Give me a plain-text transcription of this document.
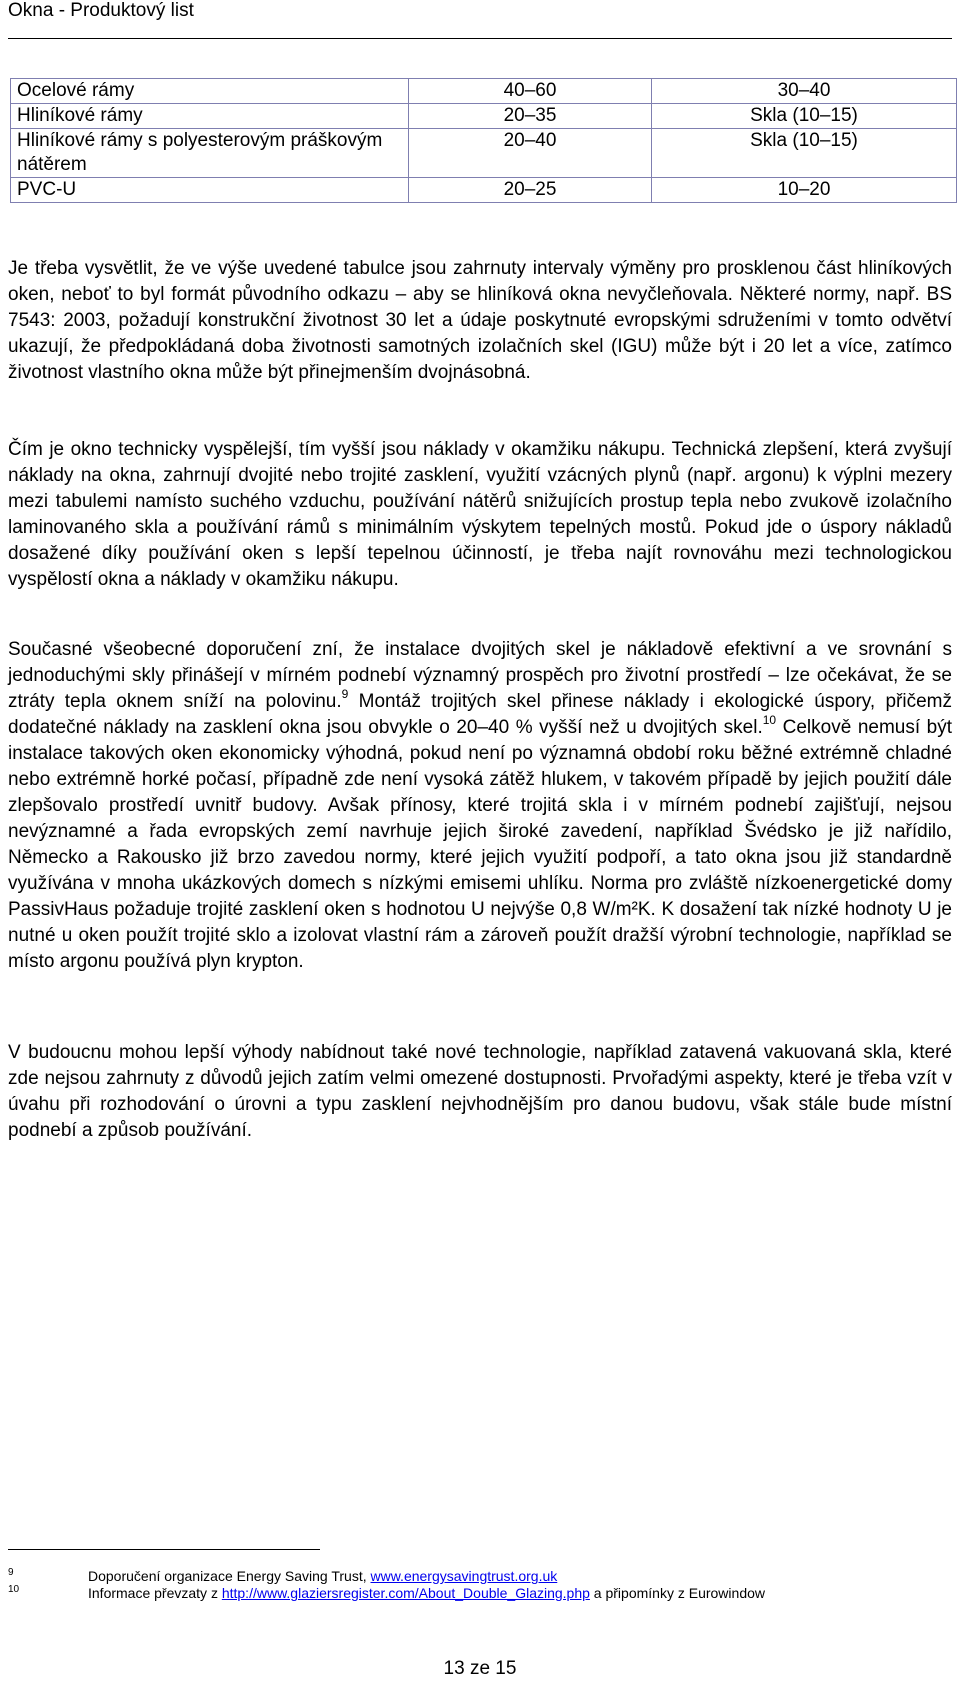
Okna - Produktový list
Ocelové rámy	40–60	30–40
Hliníkové rámy	20–35	Skla (10–15)
Hliníkové rámy s polyesterovým práškovým nátěrem	20–40	Skla (10–15)
PVC-U	20–25	10–20

Je třeba vysvětlit, že ve výše uvedené tabulce jsou zahrnuty intervaly výměny pro prosklenou část hliníkových oken, neboť to byl formát původního odkazu – aby se hliníková okna nevyčleňovala. Některé normy, např. BS 7543: 2003, požadují konstrukční životnost 30 let a údaje poskytnuté evropskými sdruženími v tomto odvětví ukazují, že předpokládaná doba životnosti samotných izolačních skel (IGU) může být i 20 let a více, zatímco životnost vlastního okna může být přinejmenším dvojnásobná.

Čím je okno technicky vyspělejší, tím vyšší jsou náklady v okamžiku nákupu. Technická zlepšení, která zvyšují náklady na okna, zahrnují dvojité nebo trojité zasklení, využití vzácných plynů (např. argonu) k výplni mezery mezi tabulemi namísto suchého vzduchu, používání nátěrů snižujících prostup tepla nebo zvukově izolačního laminovaného skla a používání rámů s minimálním výskytem tepelných mostů. Pokud jde o úspory nákladů dosažené díky používání oken s lepší tepelnou účinností, je třeba najít rovnováhu mezi technologickou vyspělostí okna a náklady v okamžiku nákupu.

Současné všeobecné doporučení zní, že instalace dvojitých skel je nákladově efektivní a ve srovnání s jednoduchými skly přinášejí v mírném podnebí významný prospěch pro životní prostředí – lze očekávat, že se ztráty tepla oknem sníží na polovinu.$^9$ Montáž trojitých skel přinese náklady i ekologické úspory, přičemž dodatečné náklady na zasklení okna jsou obvykle o 20–40 % vyšší než u dvojitých skel.$^{10}$ Celkově nemusí být instalace takových oken ekonomicky výhodná, pokud není po významná období roku běžné extrémně chladné nebo extrémně horké počasí, případně zde není vysoká zátěž hlukem, v takovém případě by jejich použití dále zlepšovalo prostředí uvnitř budovy. Avšak přínosy, které trojitá skla i v mírném podnebí zajišťují, nejsou nevýznamné a řada evropských zemí navrhuje jejich široké zavedení, například Švédsko je již nařídilo, Německo a Rakousko již brzo zavedou normy, které jejich využití podpoří, a tato okna jsou již standardně využívána v mnoha ukázkových domech s nízkými emisemi uhlíku. Norma pro zvláště nízkoenergetické domy PassivHaus požaduje trojité zasklení oken s hodnotou U nejvýše 0,8 W/m²K. K dosažení tak nízké hodnoty U je nutné u oken použít trojité sklo a izolovat vlastní rám a zároveň použít dražší výrobní technologie, například se místo argonu používá plyn krypton.

V budoucnu mohou lepší výhody nabídnout také nové technologie, například zatavená vakuovaná skla, které zde nejsou zahrnuty z důvodů jejich zatím velmi omezené dostupnosti. Prvořadými aspekty, které je třeba vzít v úvahu při rozhodování o úrovni a typu zasklení nejvhodnějším pro danou budovu, však stále bude místní podnebí a způsob používání.

9	Doporučení organizace Energy Saving Trust, www.energysavingtrust.org.uk
10	Informace převzaty z http://www.glaziersregister.com/About_Double_Glazing.php a připomínky z Eurowindow
13 ze 15
